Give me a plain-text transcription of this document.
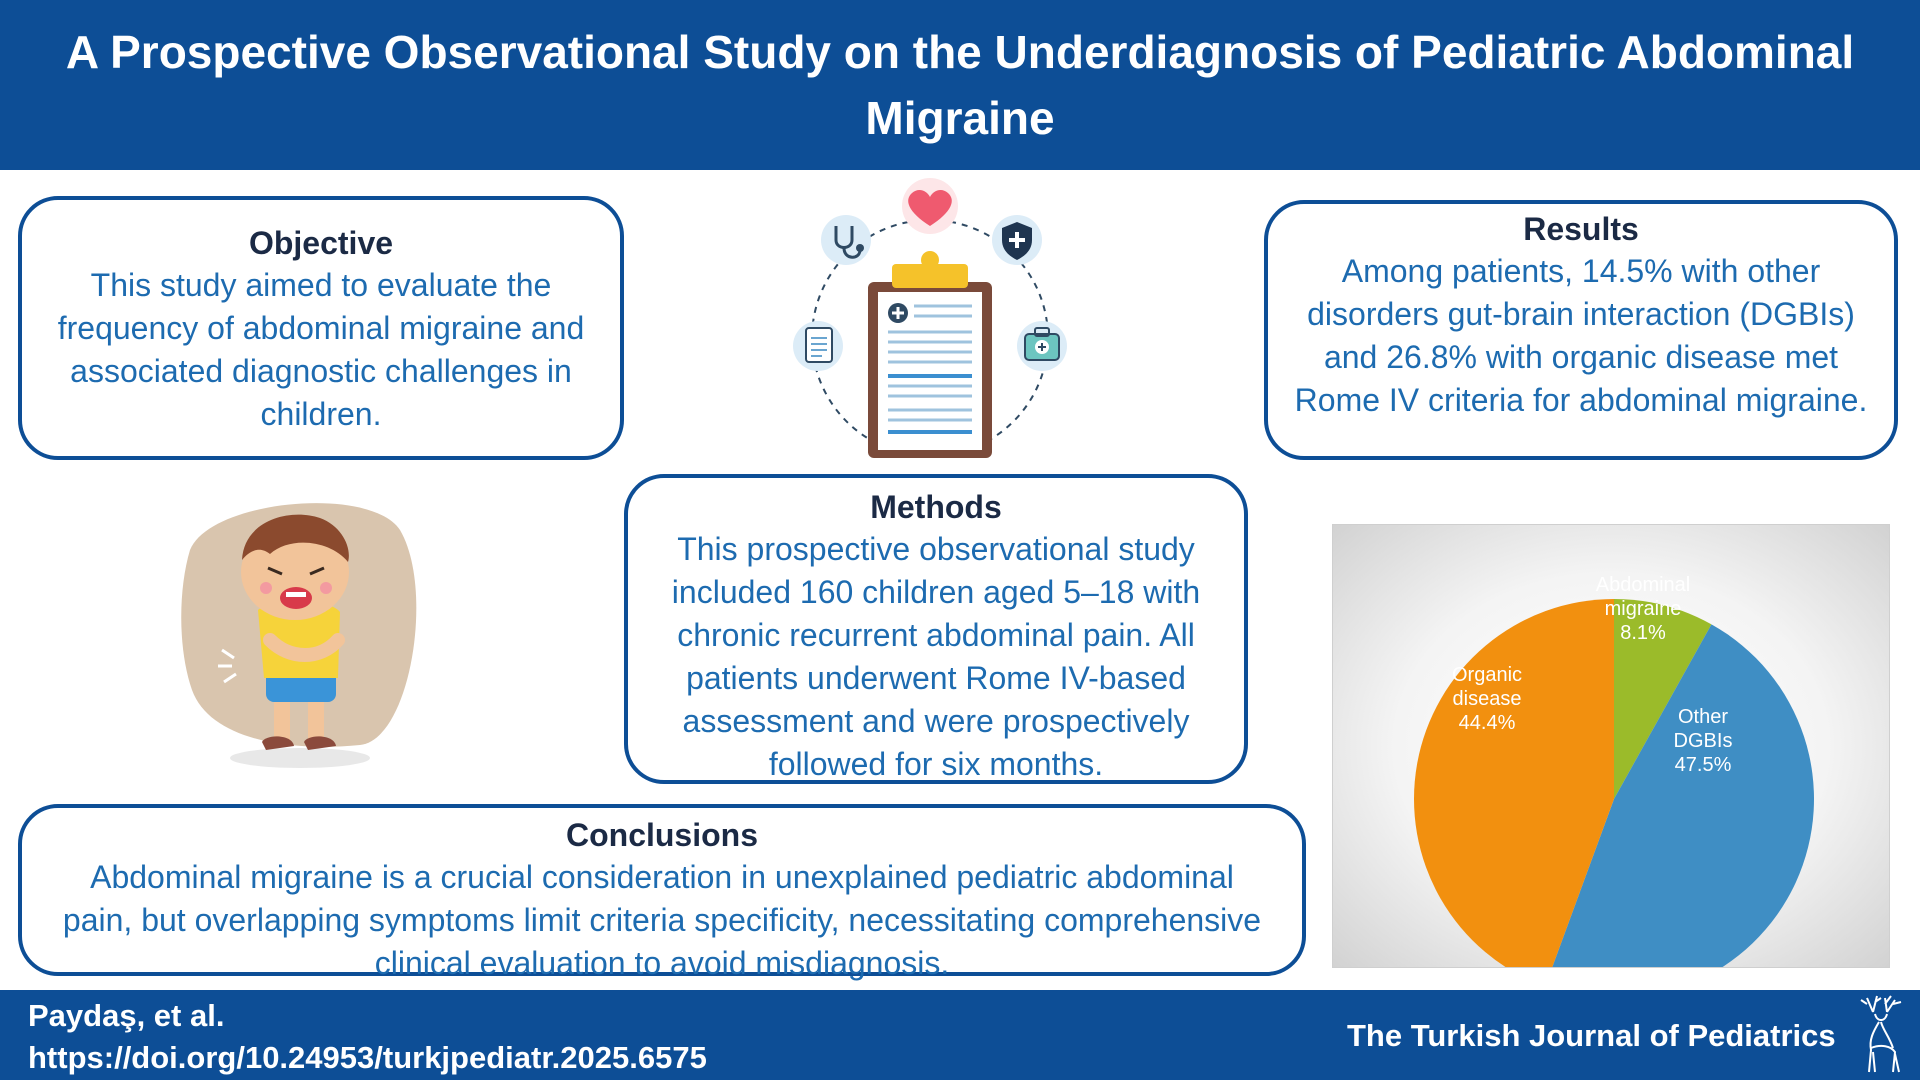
A Prospective Observational Study on the Underdiagnosis of Pediatric Abdominal Migraine
Objective
This study aimed to evaluate the frequency of abdominal migraine and associated diagnostic challenges in children.
Results
Among patients, 14.5% with other disorders gut-brain interaction (DGBIs) and 26.8% with organic disease met Rome IV criteria for abdominal migraine.
Methods
This prospective observational study included 160 children aged 5–18 with chronic recurrent abdominal pain. All patients underwent Rome IV-based assessment and were prospectively followed for six months.
Conclusions
Abdominal migraine is a crucial consideration in unexplained pediatric abdominal pain, but overlapping symptoms limit criteria specificity, necessitating comprehensive clinical evaluation to avoid misdiagnosis.
Abdominal
migraine
8.1%
Other
DGBIs
47.5%
Organic
disease
44.4%
Paydaş, et al.
https://doi.org/10.24953/turkjpediatr.2025.6575
The Turkish Journal of Pediatrics
